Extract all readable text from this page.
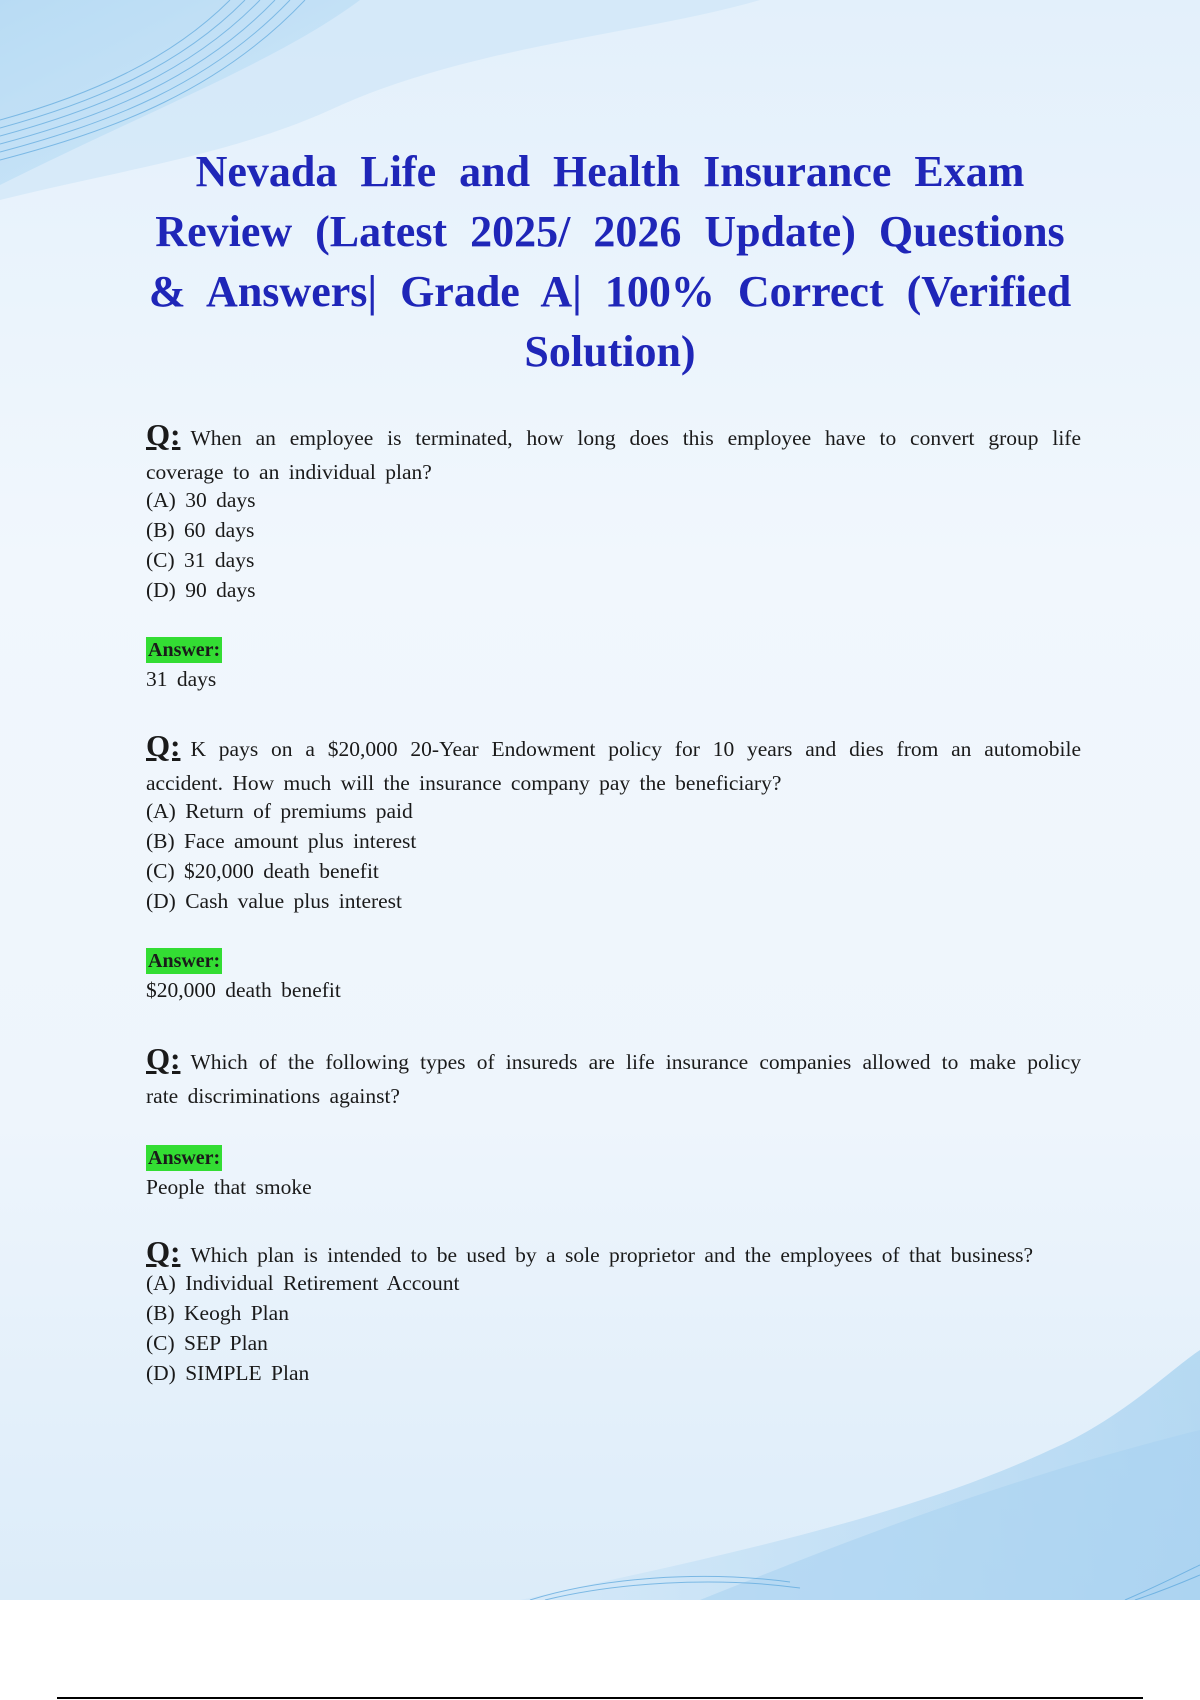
Nevada Life and Health Insurance Exam Review (Latest 2025/ 2026 Update) Questions & Answers| Grade A| 100% Correct (Verified Solution)
Q: When an employee is terminated, how long does this employee have to convert group life coverage to an individual plan?
(A) 30 days
(B) 60 days
(C) 31 days
(D) 90 days
Answer:
31 days
Q: K pays on a $20,000 20-Year Endowment policy for 10 years and dies from an automobile accident. How much will the insurance company pay the beneficiary?
(A) Return of premiums paid
(B) Face amount plus interest
(C) $20,000 death benefit
(D) Cash value plus interest
Answer:
$20,000 death benefit
Q: Which of the following types of insureds are life insurance companies allowed to make policy rate discriminations against?
Answer:
People that smoke
Q: Which plan is intended to be used by a sole proprietor and the employees of that business?
(A) Individual Retirement Account
(B) Keogh Plan
(C) SEP Plan
(D) SIMPLE Plan
